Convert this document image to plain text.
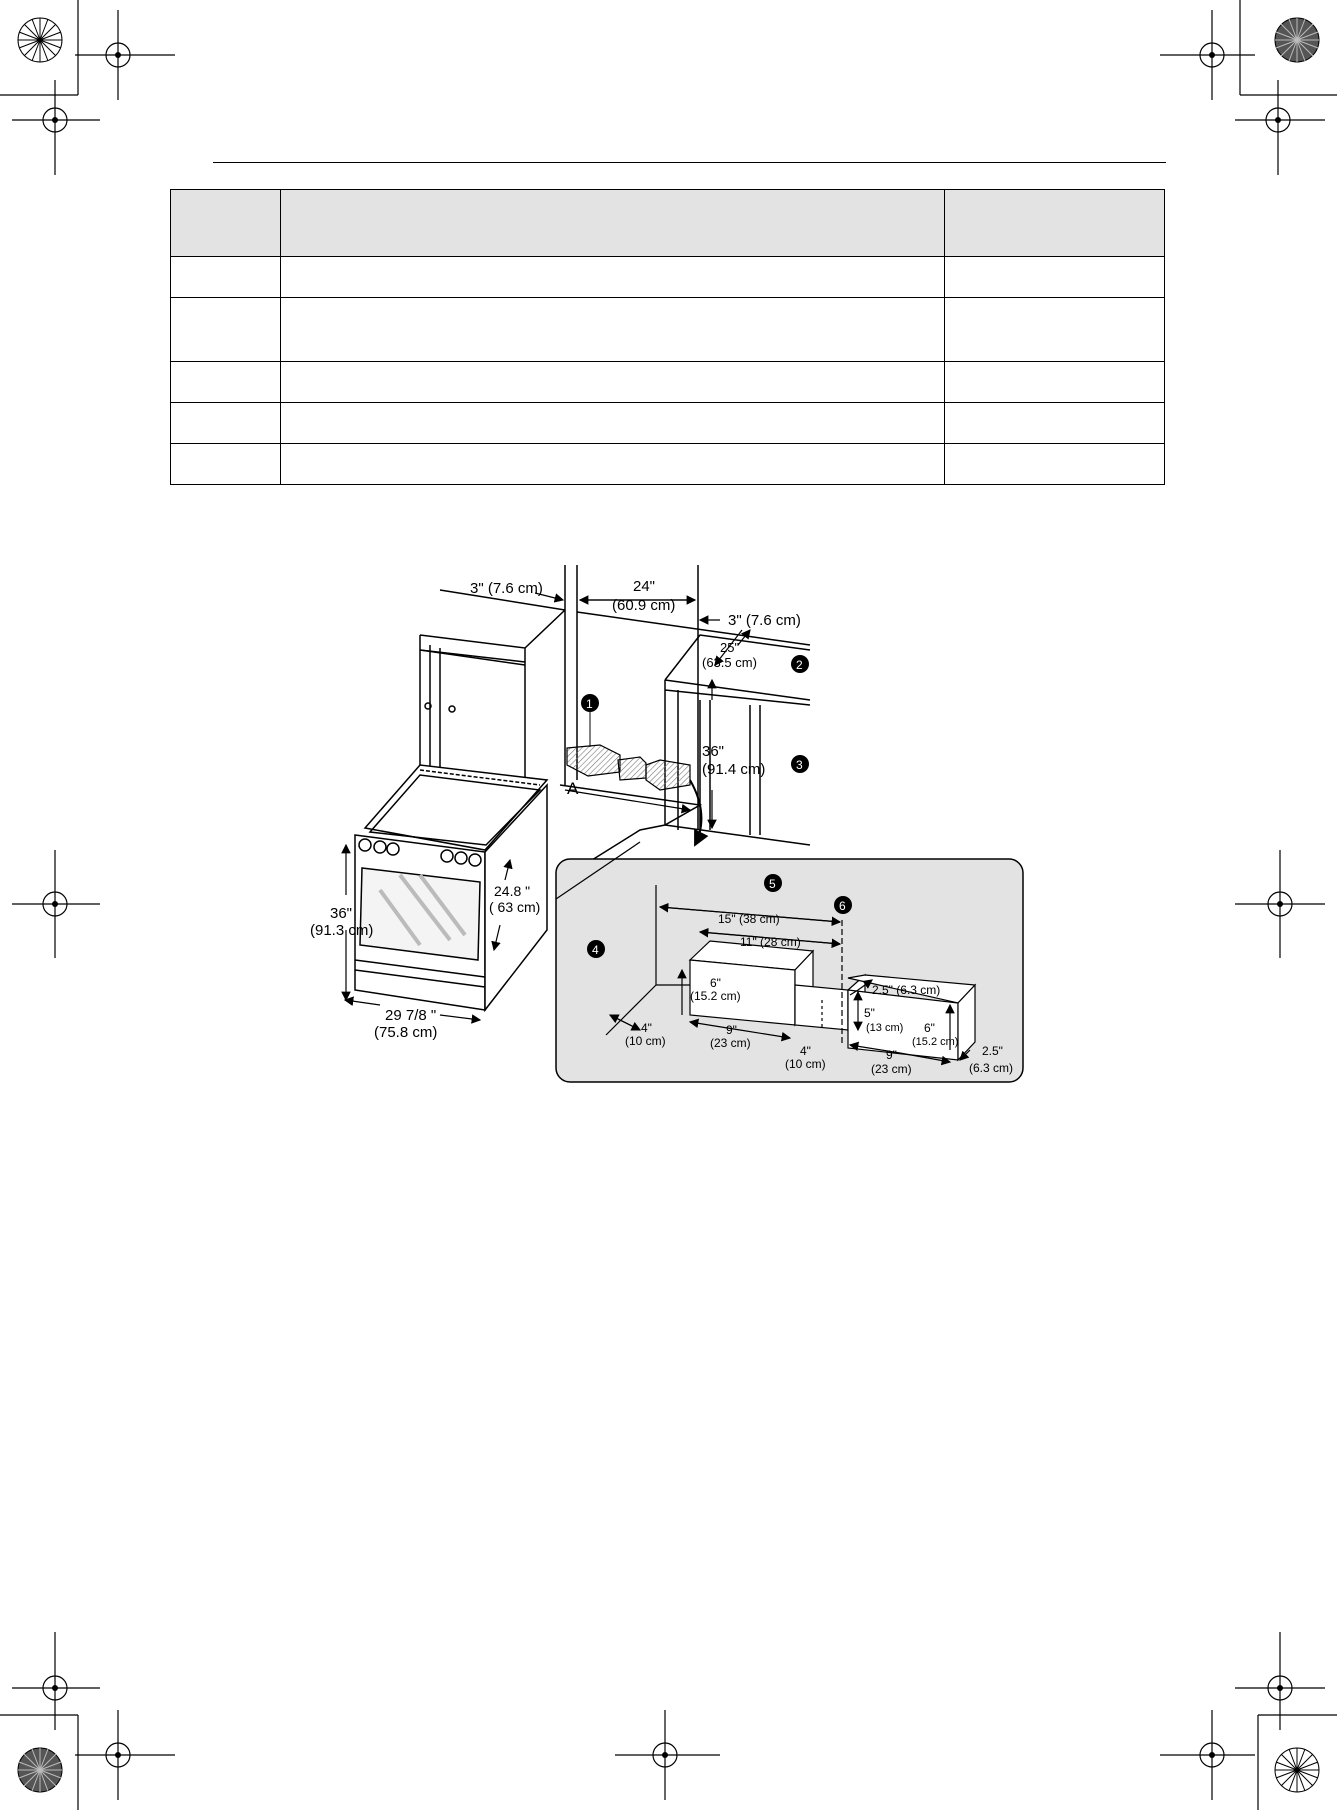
3" (7.6 cm)	24"
(60.9 cm)
3" (7.6 cm)
25"
(63.5 cm)
36"
(91.4 cm)
A
36"
(91.3 cm)
24.8 "
( 63 cm)
29 7/8 "
(75.8 cm)
1
2
3
4
5
6
15" (38 cm)
11" (28 cm)
6"
(15.2 cm)	2.5" (6.3 cm)
5"
(13 cm) 6"
(15.2 cm)
4"
(10 cm)
9"
(23 cm)
4"
(10 cm)
9"
(23 cm)
2.5"
(6.3 cm)
